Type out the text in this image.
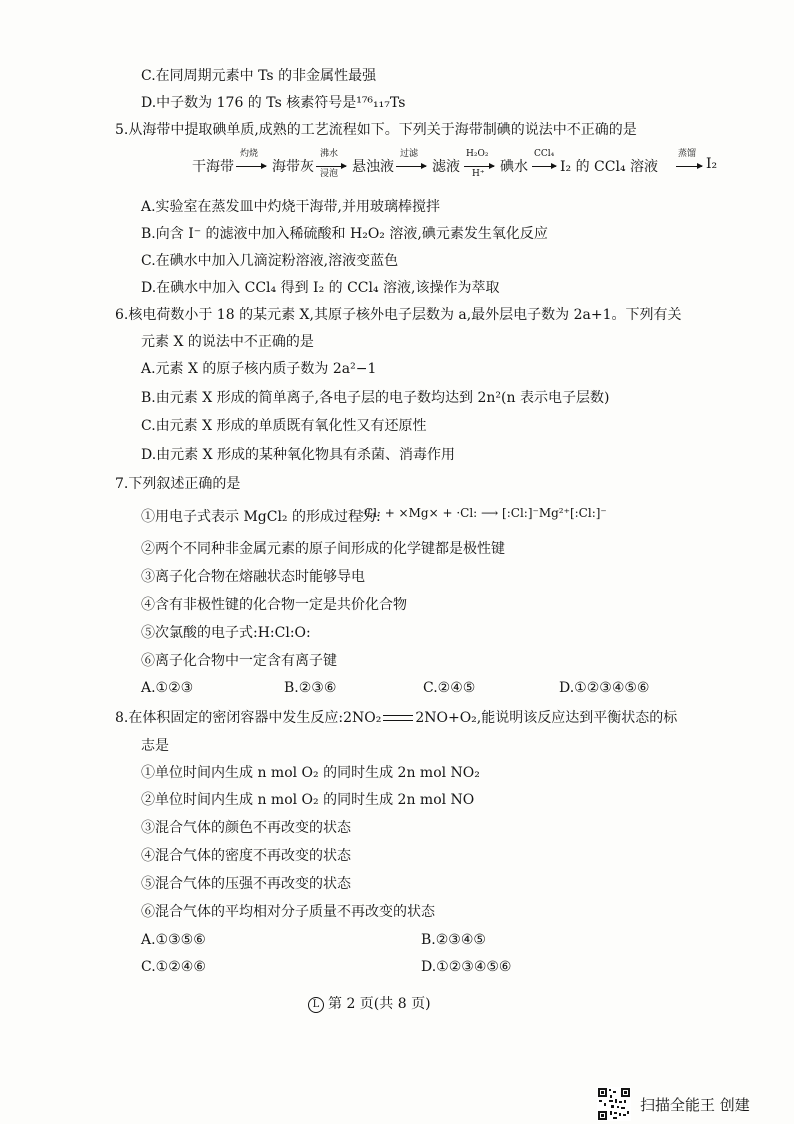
C.在同周期元素中 Ts 的非金属性最强
D.中子数为 176 的 Ts 核素符号是¹⁷⁶₁₁₇Ts
5.从海带中提取碘单质,成熟的工艺流程如下。下列关于海带制碘的说法中不正确的是
A.实验室在蒸发皿中灼烧干海带,并用玻璃棒搅拌
B.向含 I⁻ 的滤液中加入稀硫酸和 H₂O₂ 溶液,碘元素发生氧化反应
C.在碘水中加入几滴淀粉溶液,溶液变蓝色
D.在碘水中加入 CCl₄ 得到 I₂ 的 CCl₄ 溶液,该操作为萃取
6.核电荷数小于 18 的某元素 X,其原子核外电子层数为 a,最外层电子数为 2a+1。下列有关
元素 X 的说法中不正确的是
A.元素 X 的原子核内质子数为 2a²−1
B.由元素 X 形成的简单离子,各电子层的电子数均达到 2n²(n 表示电子层数)
C.由元素 X 形成的单质既有氧化性又有还原性
D.由元素 X 形成的某种氧化物具有杀菌、消毒作用
7.下列叙述正确的是
①用电子式表示 MgCl₂ 的形成过程为:
②两个不同种非金属元素的原子间形成的化学键都是极性键
③离子化合物在熔融状态时能够导电
④含有非极性键的化合物一定是共价化合物
⑤次氯酸的电子式:H:Cl:O:
⑥离子化合物中一定含有离子键
A.①②③	B.②③⑥	C.②④⑤	D.①②③④⑤⑥
①单位时间内生成 n mol O₂ 的同时生成 2n mol NO₂
②单位时间内生成 n mol O₂ 的同时生成 2n mol NO
③混合气体的颜色不再改变的状态
④混合气体的密度不再改变的状态
⑤混合气体的压强不再改变的状态
⑥混合气体的平均相对分子质量不再改变的状态
A.①③⑤⑥	B.②③④⑤
C.①②④⑥	D.①②③④⑤⑥
8.在体积固定的密闭容器中发生反应:2NO₂ 2NO+O₂,能说明该反应达到平衡状态的标
志是
:Cl· + ×Mg× + ·Cl: ⟶ [:Cl:]⁻Mg²⁺[:Cl:]⁻
干海带
灼烧
海带灰
沸水
浸泡 悬浊液
过滤
滤液
H₂O₂
H⁺ 碘水
CCl₄
I₂ 的 CCl₄ 溶液
蒸馏
I₂
L 第 2 页(共 8 页)
扫描全能王 创建
